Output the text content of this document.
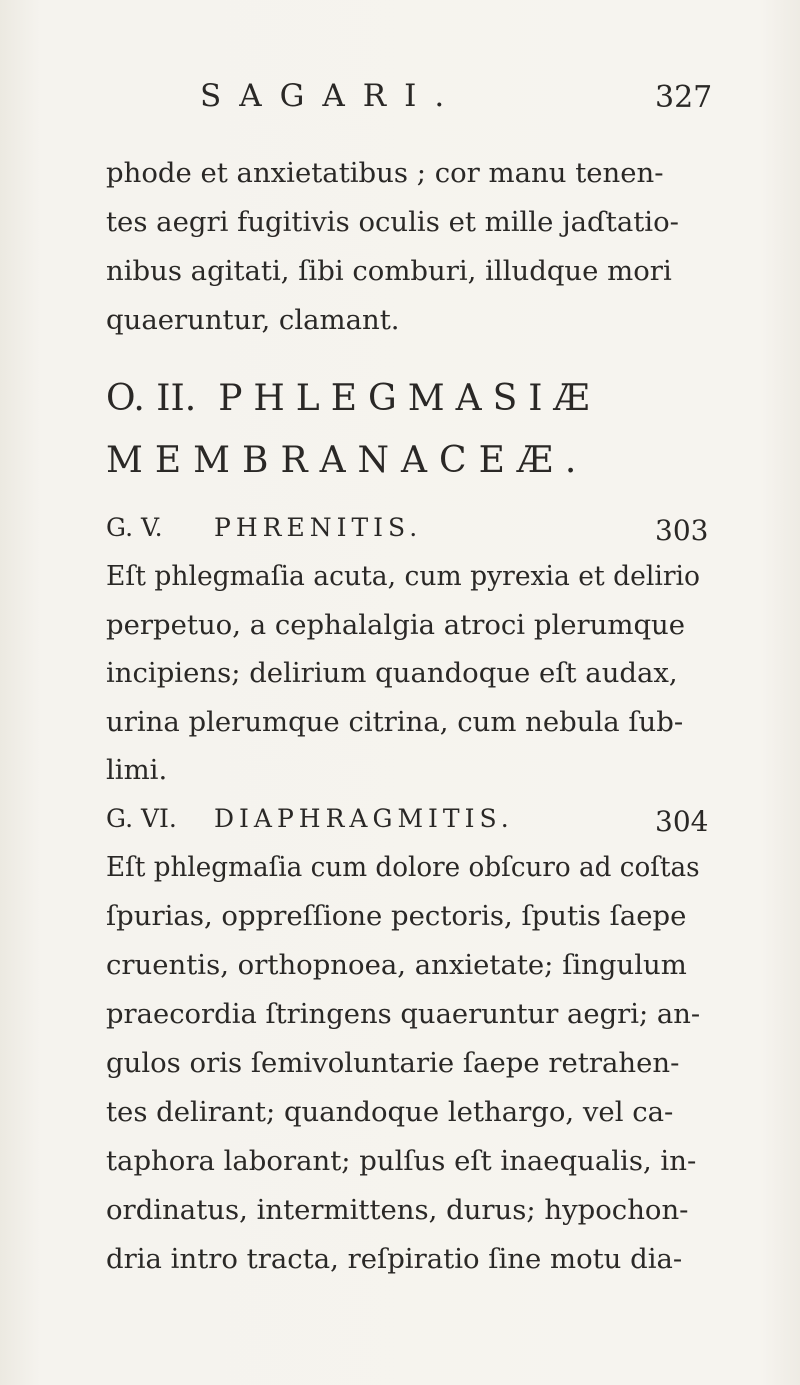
SAGARI.	327
phode et anxietatibus ; cor manu tenen-
tes aegri fugitivis oculis et mille jaɗtatio-
nibus agitati, ſibi comburi, illudque mori
quaeruntur, clamant.
O. II. PHLEGMASIÆ
MEMBRANACEÆ.
G. V. PHRENITIS.	303
Eſt phlegmaſia acuta, cum pyrexia et delirio
perpetuo, a cephalalgia atroci plerumque
incipiens; delirium quandoque eſt audax,
urina plerumque citrina, cum nebula ſub-
limi.
G. VI. DIAPHRAGMITIS.	304
Eſt phlegmaſia cum dolore obſcuro ad coſtas
ſpurias, oppreſſione pectoris, ſputis ſaepe
cruentis, orthopnoea, anxietate; ſingulum
praecordia ſtringens quaeruntur aegri; an-
gulos oris ſemivoluntarie ſaepe retrahen-
tes delirant; quandoque lethargo, vel ca-
taphora laborant; pulſus eſt inaequalis, in-
ordinatus, intermittens, durus; hypochon-
dria intro tracta, reſpiratio ſine motu dia-
